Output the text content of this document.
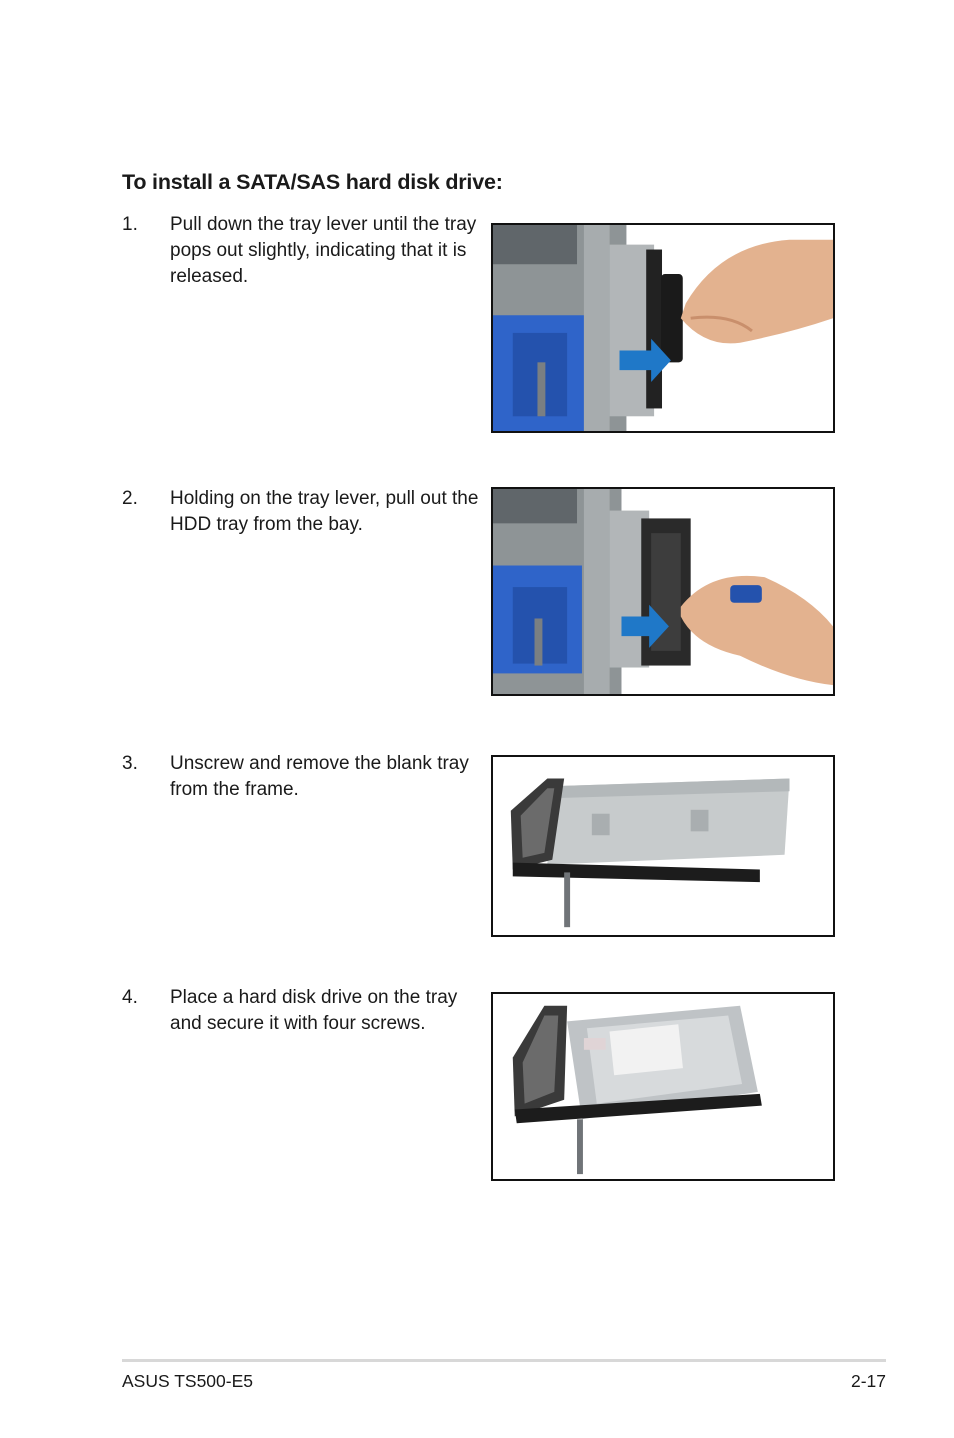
To install a SATA/SAS hard disk drive:
1. Pull down the tray lever until the tray pops out slightly, indicating that it is released.
2. Holding on the tray lever, pull out the HDD tray from the bay.
3. Unscrew and remove the blank tray from the frame.
4. Place a hard disk drive on the tray and secure it with four screws.
ASUS TS500-E5	2-17
